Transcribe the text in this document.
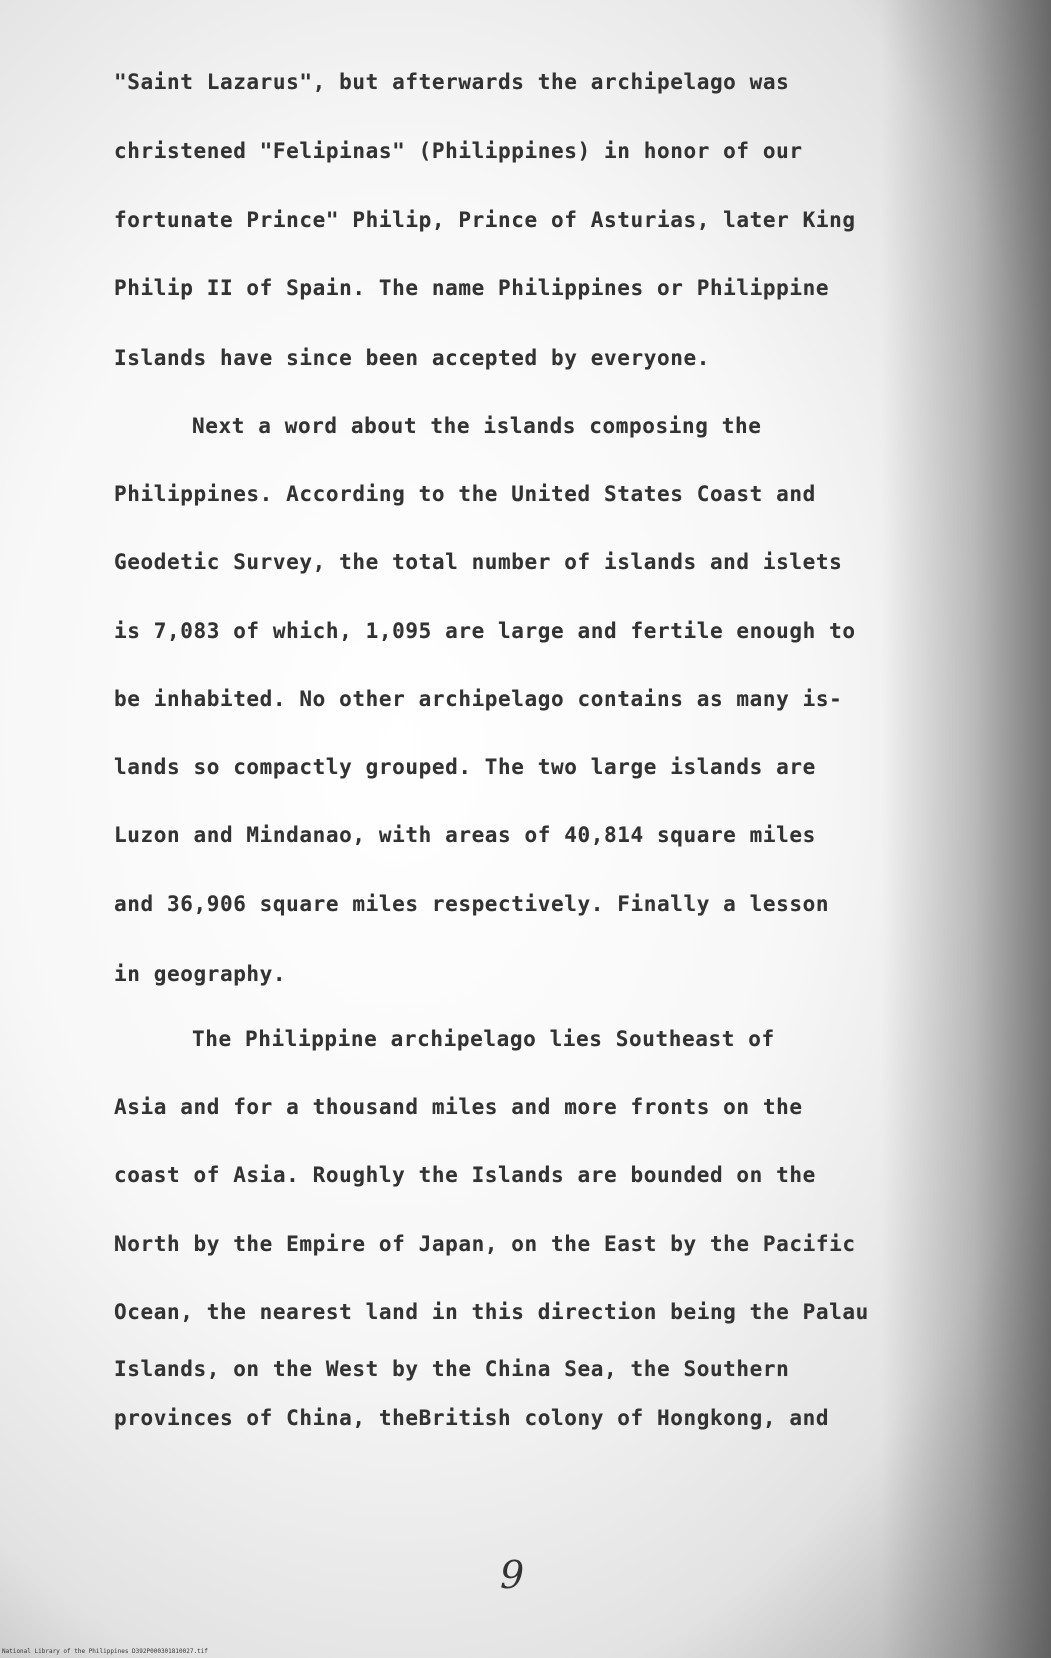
"Saint Lazarus", but afterwards the archipelago was

christened "Felipinas" (Philippines) in honor of our

fortunate Prince" Philip, Prince of Asturias, later King

Philip II of Spain. The name Philippines or Philippine

Islands have since been accepted by everyone.

Next a word about the islands composing the

Philippines. According to the United States Coast and

Geodetic Survey, the total number of islands and islets

is 7,083 of which, 1,095 are large and fertile enough to

be inhabited. No other archipelago contains as many is-

lands so compactly grouped. The two large islands are

Luzon and Mindanao, with areas of 40,814 square miles

and 36,906 square miles respectively. Finally a lesson

in geography.

The Philippine archipelago lies Southeast of

Asia and for a thousand miles and more fronts on the

coast of Asia. Roughly the Islands are bounded on the

North by the Empire of Japan, on the East by the Pacific

Ocean, the nearest land in this direction being the Palau

Islands, on the West by the China Sea, the Southern

provinces of China, theBritish colony of Hongkong, and

9
National Library of the Philippines D392P000301810027.tif
